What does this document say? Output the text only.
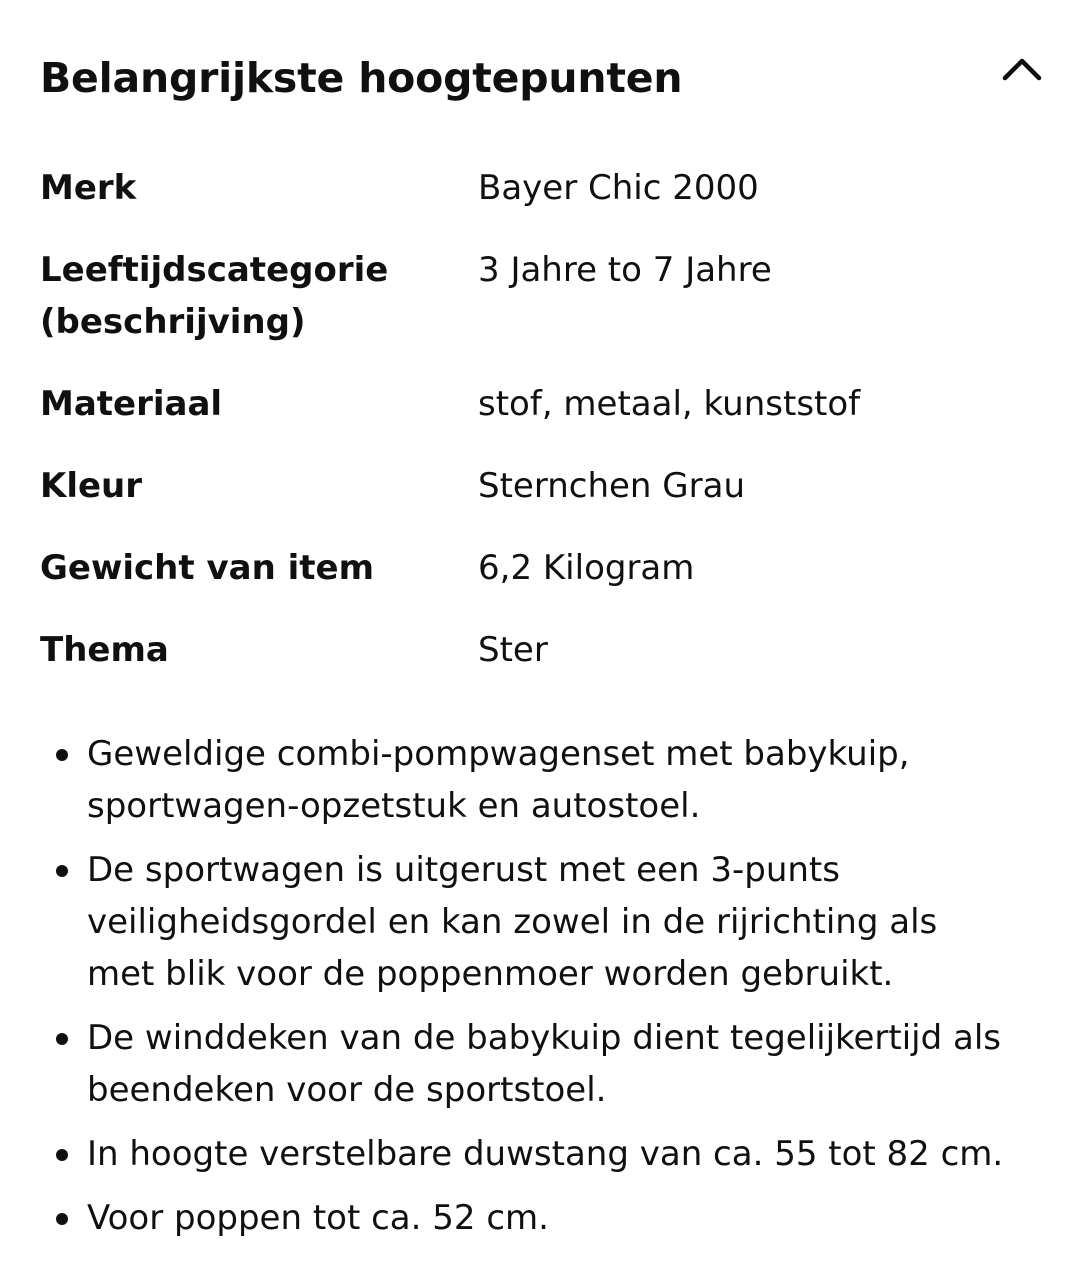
Belangrijkste hoogtepunten
Merk	Bayer Chic 2000

Leeftijdscategorie
(beschrijving)	3 Jahre to 7 Jahre

Materiaal	stof, metaal, kunststof

Kleur	Sternchen Grau

Gewicht van item	6,2 Kilogram

Thema	Ster
Geweldige combi-pompwagenset met babykuip,
sportwagen-opzetstuk en autostoel.
De sportwagen is uitgerust met een 3-punts
veiligheidsgordel en kan zowel in de rijrichting als
met blik voor de poppenmoer worden gebruikt.
De winddeken van de babykuip dient tegelijkertijd als
beendeken voor de sportstoel.
In hoogte verstelbare duwstang van ca. 55 tot 82 cm.
Voor poppen tot ca. 52 cm.
